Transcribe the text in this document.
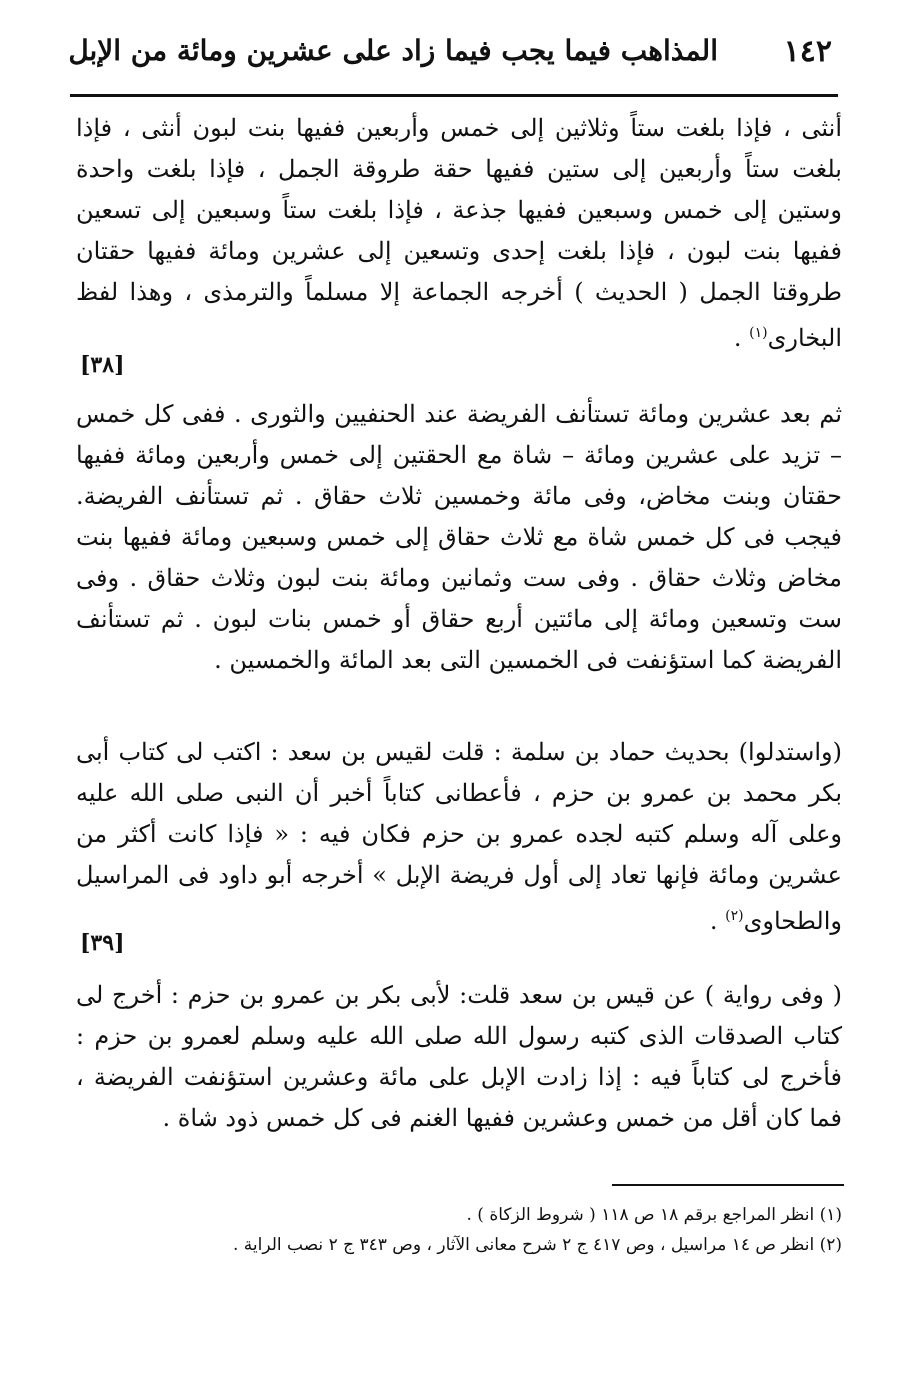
١٤٢
المذاهب فيما يجب فيما زاد على عشرين ومائة من الإبل
أنثى ، فإذا بلغت ستاً وثلاثين إلى خمس وأربعين ففيها بنت لبون أنثى ، فإذا بلغت ستاً وأربعين إلى ستين ففيها حقة طروقة الجمل ، فإذا بلغت واحدة وستين إلى خمس وسبعين ففيها جذعة ، فإذا بلغت ستاً وسبعين إلى تسعين ففيها بنت لبون ، فإذا بلغت إحدى وتسعين إلى عشرين ومائة ففيها حقتان طروقتا الجمل ( الحديث ) أخرجه الجماعة إلا مسلماً والترمذى ، وهذا لفظ البخارى$^{(١)}$ .
[٣٨]
ثم بعد عشرين ومائة تستأنف الفريضة عند الحنفيين والثورى . ففى كل خمس – تزيد على عشرين ومائة – شاة مع الحقتين إلى خمس وأربعين ومائة ففيها حقتان وبنت مخاض، وفى مائة وخمسين ثلاث حقاق . ثم تستأنف الفريضة. فيجب فى كل خمس شاة مع ثلاث حقاق إلى خمس وسبعين ومائة ففيها بنت مخاض وثلاث حقاق . وفى ست وثمانين ومائة بنت لبون وثلاث حقاق . وفى ست وتسعين ومائة إلى مائتين أربع حقاق أو خمس بنات لبون . ثم تستأنف الفريضة كما استؤنفت فى الخمسين التى بعد المائة والخمسين .
(واستدلوا) بحديث حماد بن سلمة : قلت لقيس بن سعد : اكتب لى كتاب أبى بكر محمد بن عمرو بن حزم ، فأعطانى كتاباً أخبر أن النبى صلى الله عليه وعلى آله وسلم كتبه لجده عمرو بن حزم فكان فيه : « فإذا كانت أكثر من عشرين ومائة فإنها تعاد إلى أول فريضة الإبل » أخرجه أبو داود فى المراسيل والطحاوى$^{(٢)}$ .
[٣٩]
( وفى رواية ) عن قيس بن سعد قلت: لأبى بكر بن عمرو بن حزم : أخرج لى كتاب الصدقات الذى كتبه رسول الله صلى الله عليه وسلم لعمرو بن حزم : فأخرج لى كتاباً فيه : إذا زادت الإبل على مائة وعشرين استؤنفت الفريضة ، فما كان أقل من خمس وعشرين ففيها الغنم فى كل خمس ذود شاة .
(١) انظر المراجع برقم ١٨ ص ١١٨ ( شروط الزكاة ) .
(٢) انظر ص ١٤ مراسيل ، وص ٤١٧ ج ٢ شرح معانى الآثار ، وص ٣٤٣ ج ٢ نصب الراية .
